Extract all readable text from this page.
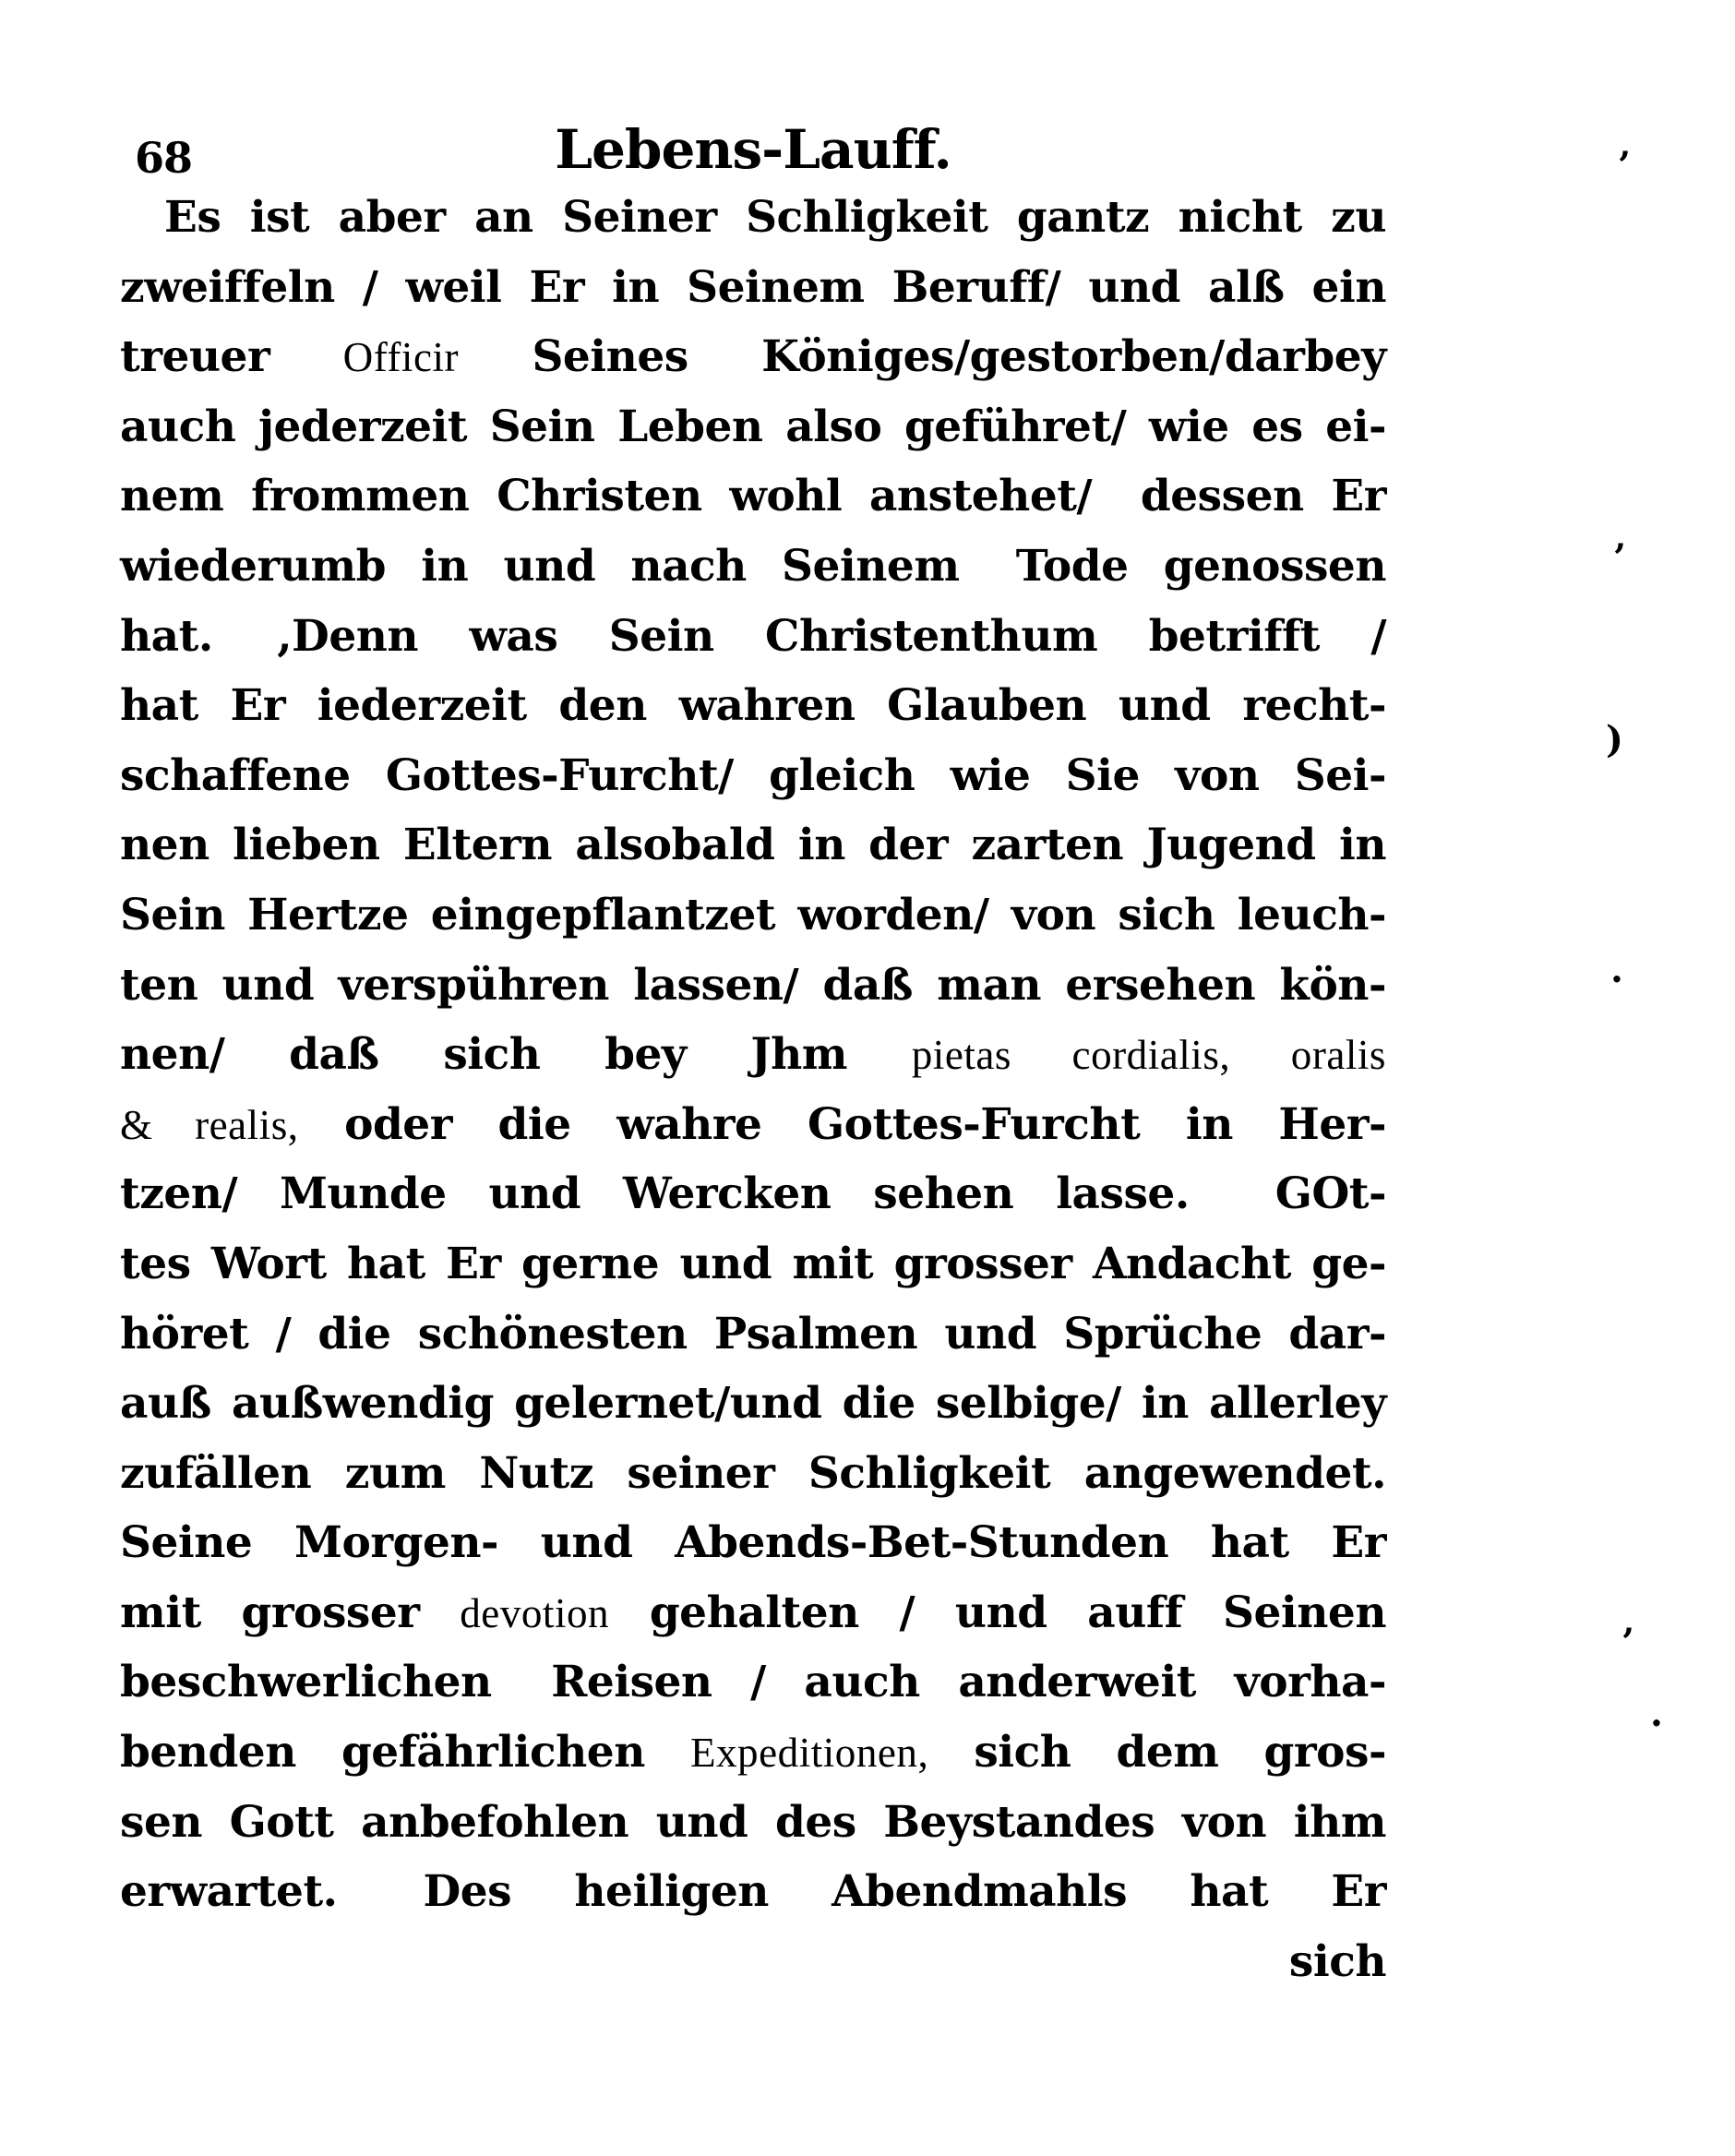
68	Lebens-Lauff.
Es ist aber an Seiner Schligkeit gantz nicht zu
zweiffeln / weil Er in Seinem Beruff/ und alß ein
treuer Officir Seines Königes/gestorben/darbey
auch jederzeit Sein Leben also geführet/ wie es ei-
nem frommen Christen wohl anstehet/  dessen Er
wiederumb in und nach Seinem  Tode genossen
hat.  ,Denn was Sein Christenthum betrifft /
hat Er iederzeit den wahren Glauben und recht-
schaffene Gottes-Furcht/ gleich wie Sie von Sei-
nen lieben Eltern alsobald in der zarten Jugend in
Sein Hertze eingepflantzet worden/ von sich leuch-
ten und verspühren lassen/ daß man ersehen kön-
nen/ daß sich bey Jhm pietas cordialis, oralis
& realis, oder die wahre Gottes-Furcht in Her-
tzen/ Munde und Wercken sehen lasse.  GOt-
tes Wort hat Er gerne und mit grosser Andacht ge-
höret / die schönesten Psalmen und Sprüche dar-
auß außwendig gelernet/und die selbige/ in allerley
zufällen zum Nutz seiner Schligkeit angewendet.
Seine Morgen- und Abends-Bet-Stunden hat Er
mit grosser devotion gehalten / und auff Seinen
beschwerlichen  Reisen / auch anderweit vorha-
benden gefährlichen Expeditionen, sich dem gros-
sen Gott anbefohlen und des Beystandes von ihm
erwartet.  Des heiligen Abendmahls hat Er
sich
’
’
)
·
’
·
